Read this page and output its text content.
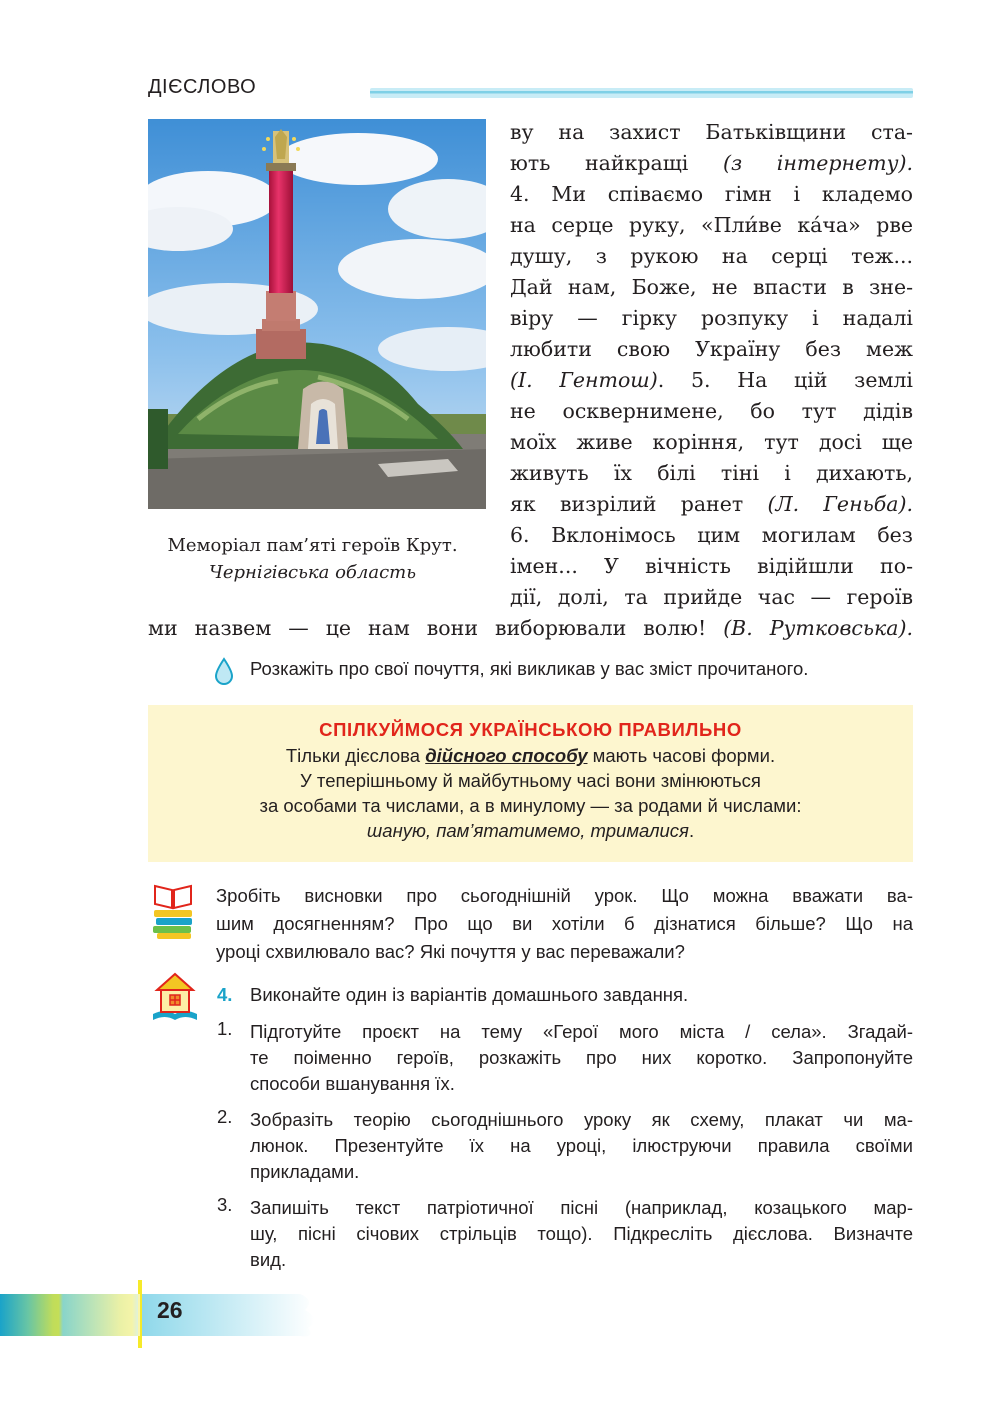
ДІЄСЛОВО
Меморіал пам’яті героїв Крут.
Чернігівська область
ву на захист Батьківщини ста-
ють найкращі (з інтернету).
4. Ми співаємо гімн і кладемо
на серце руку, «Пли́ве ка́ча» рве
душу, з рукою на серці теж...
Дай нам, Боже, не впасти в зне-
віру — гірку розпуку і надалі
любити свою Україну без меж
(І. Гентош). 5. На цій землі
не осквернимене, бо тут дідів
моїх живе коріння, тут досі ще
живуть їх білі тіні і дихають,
як визрілий ранет (Л. Геньба).
6. Вклонімось цим могилам без
імен... У вічність відійшли по-
дії, долі, та прийде час — героїв
ми назвем — це нам вони виборювали волю! (В. Рутковська).
Розкажіть про свої почуття, які викликав у вас зміст прочитаного.
СПІЛКУЙМОСЯ УКРАЇНСЬКОЮ ПРАВИЛЬНО
Тільки дієслова дійсного способу мають часові форми.
У теперішньому й майбутньому часі вони змінюються
за особами та числами, а в минулому — за родами й числами:
шаную, пам’ятатимемо, трималися.
Зробіть висновки про сьогоднішній урок. Що можна вважати ва-
шим досягненням? Про що ви хотіли б дізнатися більше? Що на
уроці схвилювало вас? Які почуття у вас переважали?
4. Виконайте один із варіантів домашнього завдання.
1. Підготуйте проєкт на тему «Герої мого міста / села». Згадай-
те поіменно героїв, розкажіть про них коротко. Запропонуйте
способи вшанування їх.
2. Зобразіть теорію сьогоднішнього уроку як схему, плакат чи ма-
люнок. Презентуйте їх на уроці, ілюструючи правила своїми
прикладами.
3. Запишіть текст патріотичної пісні (наприклад, козацького мар-
шу, пісні січових стрільців тощо). Підкресліть дієслова. Визначте
вид.
26
